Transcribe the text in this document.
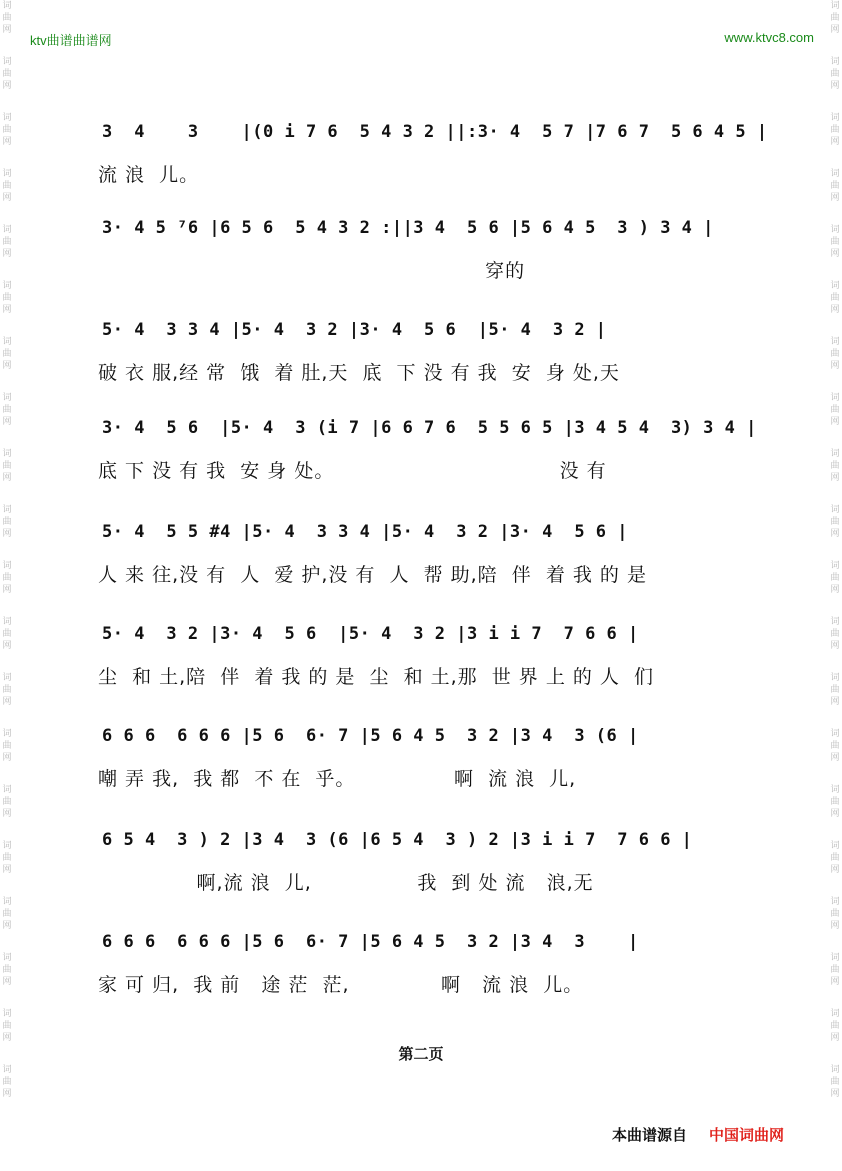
词曲网
词曲网
词曲网
词曲网
词曲网
词曲网
词曲网
词曲网
词曲网
词曲网
词曲网
词曲网
词曲网
词曲网
词曲网
词曲网
词曲网
词曲网
词曲网
词曲网
词曲网
词曲网
词曲网
词曲网
词曲网
词曲网
词曲网
词曲网
词曲网
词曲网
词曲网
词曲网
词曲网
词曲网
词曲网
词曲网
词曲网
词曲网
词曲网
词曲网
ktv曲谱曲谱网	www.ktvc8.com
3  4    3    |(0 i 7 6  5 4 3 2 ||:3· 4  5 7 |7 6 7  5 6 4 5 |
流 浪  儿。
3· 4 5 ⁷6 |6 5 6  5 4 3 2 :||3 4  5 6 |5 6 4 5  3 ) 3 4 |
穿的
5· 4  3 3 4 |5· 4  3 2 |3· 4  5 6  |5· 4  3 2 |
破 衣 服,经 常  饿  着 肚,天  底  下 没 有 我  安  身 处,天
3· 4  5 6  |5· 4  3 (i 7 |6 6 7 6  5 5 6 5 |3 4 5 4  3) 3 4 |
底 下 没 有 我  安 身 处。                                没 有
5· 4  5 5 #4 |5· 4  3 3 4 |5· 4  3 2 |3· 4  5 6 |
人 来 往,没 有  人  爱 护,没 有  人  帮 助,陪  伴  着 我 的 是
5· 4  3 2 |3· 4  5 6  |5· 4  3 2 |3 i i 7  7 6 6 |
尘  和 土,陪  伴  着 我 的 是  尘  和 土,那  世 界 上 的 人  们
6 6 6  6 6 6 |5 6  6· 7 |5 6 4 5  3 2 |3 4  3 (6 |
嘲 弄 我,  我 都  不 在  乎。              啊  流 浪  儿,
6 5 4  3 ) 2 |3 4  3 (6 |6 5 4  3 ) 2 |3 i i 7  7 6 6 |
啊,流 浪  儿,               我  到 处 流   浪,无
6 6 6  6 6 6 |5 6  6· 7 |5 6 4 5  3 2 |3 4  3    |
家 可 归,  我 前   途 茫  茫,             啊   流 浪  儿。
第二页
本曲谱源自 中国词曲网
